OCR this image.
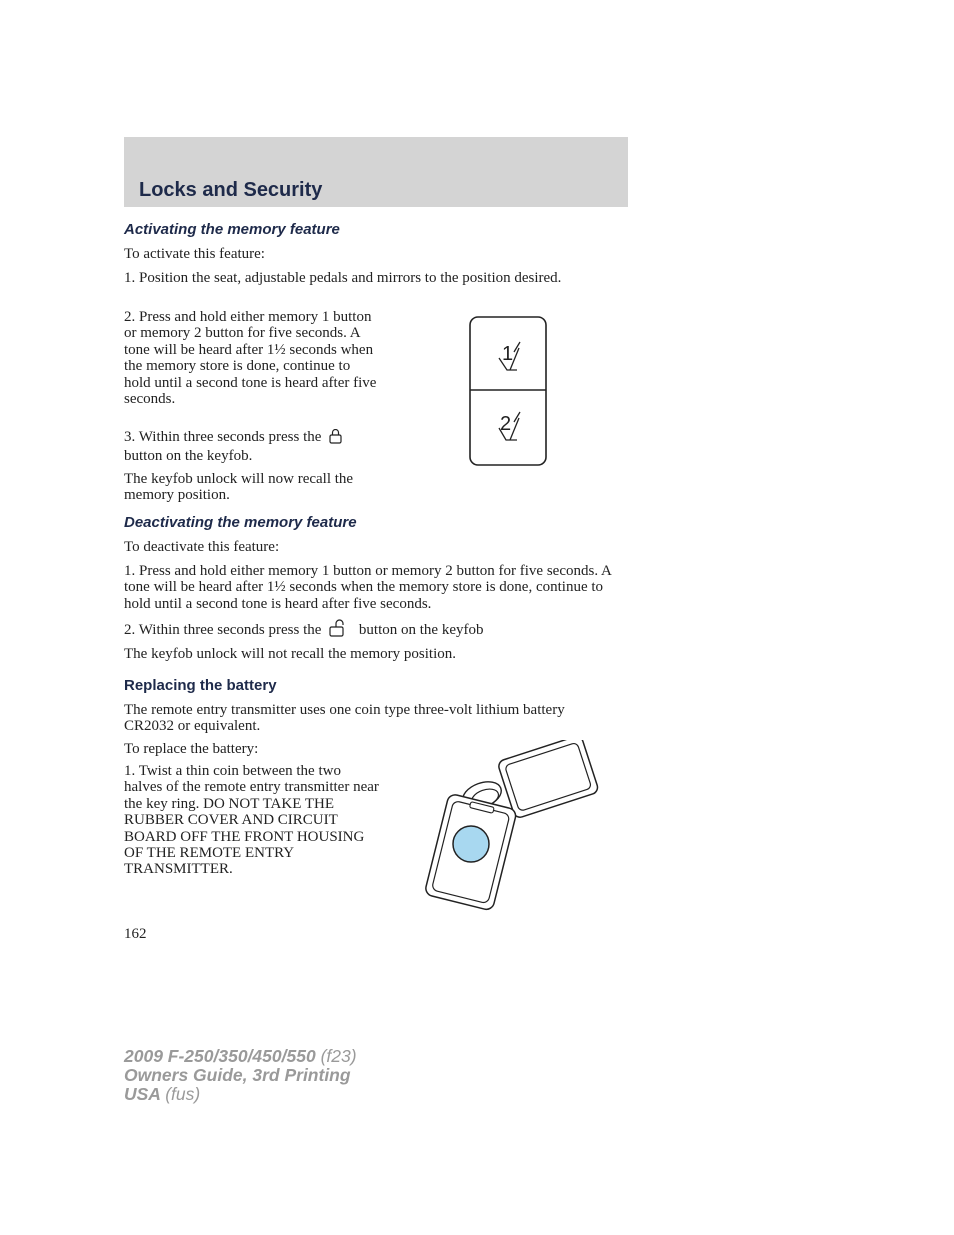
Locks and Security
Activating the memory feature

To activate this feature:

1. Position the seat, adjustable pedals and mirrors to the position desired.

2. Press and hold either memory 1 button or memory 2 button for five seconds. A tone will be heard after 1½ seconds when the memory store is done, continue to hold until a second tone is heard after five seconds.

3. Within three seconds press the  button on the keyfob.

The keyfob unlock will now recall the memory position.

1
2
Deactivating the memory feature

To deactivate this feature:

1. Press and hold either memory 1 button or memory 2 button for five seconds. A tone will be heard after 1½ seconds when the memory store is done, continue to hold until a second tone is heard after five seconds.

2. Within three seconds press the	button on the keyfob

The keyfob unlock will not recall the memory position.

Replacing the battery

The remote entry transmitter uses one coin type three-volt lithium battery CR2032 or equivalent.

To replace the battery:

1. Twist a thin coin between the two halves of the remote entry transmitter near the key ring. DO NOT TAKE THE RUBBER COVER AND CIRCUIT BOARD OFF THE FRONT HOUSING OF THE REMOTE ENTRY TRANSMITTER.

162

2009 F-250/350/450/550 (f23)
Owners Guide, 3rd Printing
USA (fus)
